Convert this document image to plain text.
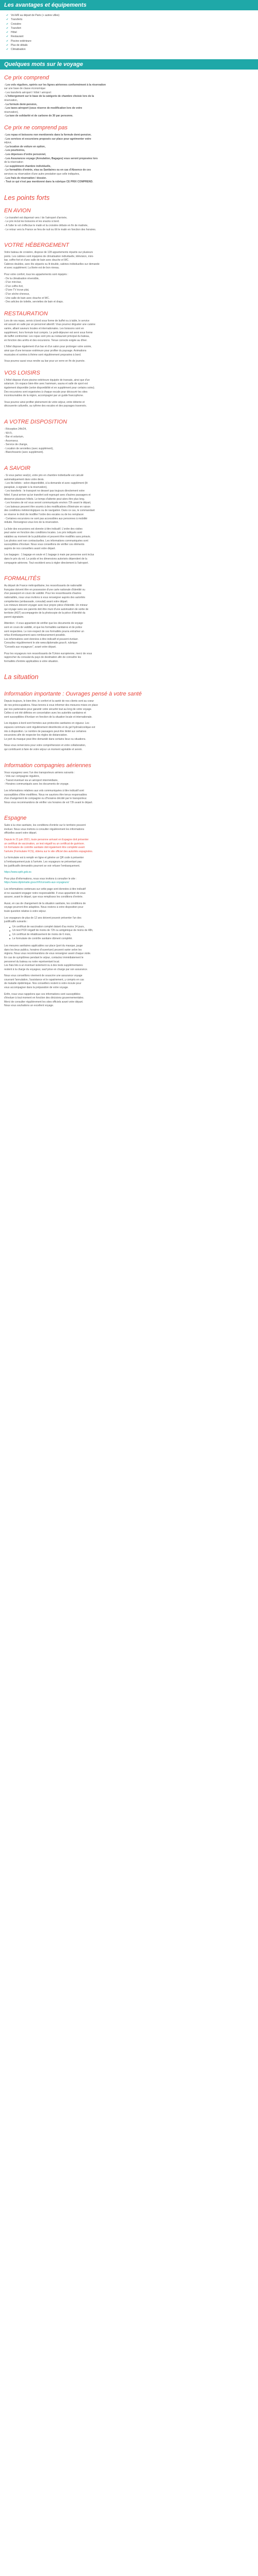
Les avantages et équipements
✔ Vol A/R au départ de Paris (+ autres villes)
✔ Transferts
✔ Croisière
✔ Transfert
✔ Hôtel
✔ Restaurant
✔ Piscine extérieure
✔ Plus de détails
✔ Climatisation
Quelques mots sur le voyage
Ce prix comprend

- Les vols réguliers, opérés sur les lignes aériennes conformément à la réservation

sur une base de classe économique

- Les transferts aéroport / hôtel / aéroport

- L'hébergement sur le base de la catégorie de chambre choisie lors de la

réservation,

- La formule demi-pension,

- Les taxes aéroport (sous réserve de modification lors de votre

réservation),

- La taxe de solidarité et de carbone de 30 par personne.

Ce prix ne comprend pas

- Les repas et boissons non mentionnés dans la formule demi-pension.

- Les services et excursions proposés sur place pour agrémenter votre

séjour,

- La location de voiture en option,

- Les pourboires,

- Les dépenses d'ordre personnel,

- Les Assurances voyage (Annulation, Bagages) vous seront proposées lors

de la réservation

- Le supplément chambre individuelle,

- Le formalités d'entrée, visa ou Sanitaires ou en cas d'Absence de ces

services ou réservation d'une autre prestation que celle indiquées,

- Les frais de réservation / dossier.

- Tout ce qui n'est pas mentionné dans la rubrique CE PRIX COMPREND.

Les points forts
EN AVION

- Le transfert est dispensé vers / de l'aéroport d'arrivée,

- Le prix inclut les boissons et les snacks à bord.

- À l'aller le vol s'effectue le matin et la croisière débute en fin de matinée,

- Le retour vers la France se fera de nuit ou tôt le matin en fonction des horaires.

VOTRE HÉBERGEMENT

Votre bateau de croisière, dispose de 128 appartements répartis sur plusieurs

ponts. Les cabines sont équipées de climatisation individuelle, télévision, mini-

bar, coffre-fort et d'une salle de bain avec douche et WC.

Cabines doubles, avec lits séparés ou lit double, cabines individuelles sur demande

et avec supplément. La literie est de bon niveau.

Pour votre confort, tous les appartements sont équipés :

- De la climatisation réversible,

- D'un mini-bar,

- D'un coffre-fort,

- D'une TV écran plat,

- D'un sèche-cheveux,

- Une salle de bain avec douche et WC.

- Des articles de toilette, serviettes de bain et draps.

RESTAURATION

Lors de vos repas, servis à bord sous forme de buffet ou à table, le service

est assuré en salle par un personnel attentif. Vous pourrez déguster une cuisine

variée, alliant saveurs locales et internationales. Les boissons sont en

supplément, hors formule tout compris. Le petit-déjeuner est servi sous forme

de buffet continental. Les repas sont pris au restaurant principal du bateau,

en fonction des arrêts et des excursions. Tenue correcte exigée au dîner.

L'hôtel dispose également d'un bar et d'un salon pour prolonger votre soirée,

ainsi que d'une terrasse extérieure pour profiter du paysage. Animations

musicales et soirées à thème sont régulièrement proposées à bord.

Vous pourrez aussi vous rendre au bar pour un verre en fin de journée.

VOS LOISIRS

L'hôtel dispose d'une piscine extérieure équipée de transats, ainsi que d'un

solarium. Un espace bien-être avec hammam, sauna et salle de sport est

également disponible (selon disponibilité et en supplément pour certains soins).

Des excursions sont organisées à chaque escale pour découvrir les sites

incontournables de la région, accompagné par un guide francophone.

Vous pourrez ainsi profiter pleinement de votre séjour, entre détente et

découverte culturelle, au rythme des escales et des paysages traversés.

A VOTRE DISPOSITION

- Réception 24h/24,

- Wi-Fi,

- Bar et solarium,

- Ascenseur,

- Service de change,

- Location de serviettes (avec supplément),

- Blanchisserie (avec supplément).

A SAVOIR

- Si vous partez seul(e), votre prix en chambre individuelle est calculé

automatiquement dans votre devis.

- Les lits bébés : selon disponibilité, à la demande et avec supplément (lit

parapluie, à signaler à la réservation),

- Les transferts : le transport ne dessert pas toujours directement votre

hôtel. Il peut arriver qu'un transfert soit regroupé avec d'autres passagers et

desserve plusieurs hôtels. Le temps d'attente peut alors être plus long.

- Les horaires de vol vous seront communiqués environ 72h avant le départ,

- Les bateaux peuvent être soumis à des modifications d'itinéraire en raison

des conditions météorologiques ou de navigation. Dans ce cas, le commandant

se réserve le droit de modifier l'ordre des escales ou de les remplacer.

- Certaines excursions ne sont pas accessibles aux personnes à mobilité

réduite. Renseignez-vous lors de la réservation.

La liste des excursions est donnée à titre indicatif. L'ordre des visites

peut varier en fonction des conditions locales. Les prix indiqués sont

valables au moment de la publication et peuvent être modifiés sans préavis.

Les photos sont non contractuelles. Les informations communiquées sont

susceptibles d'évoluer. Nous vous conseillons de vérifier ces éléments

auprès de nos conseillers avant votre départ.

Les bagages : 1 bagage en soute et 1 bagage à main par personne sont inclus

dans le prix du vol. Le poids et les dimensions autorisés dépendent de la

compagnie aérienne. Tout excédent sera à régler directement à l'aéroport.

FORMALITÉS

Au départ de France métropolitaine, les ressortissants de nationalité

française doivent être en possession d'une carte nationale d'identité ou

d'un passeport en cours de validité. Pour les ressortissants d'autres

nationalités, nous vous invitons à vous renseigner auprès des autorités

compétentes (ambassade, consulat) avant votre départ.

Les mineurs doivent voyager avec leur propre pièce d'identité. Un mineur

qui voyage sans ses parents doit être muni d'une autorisation de sortie de

territoire (AST) accompagnée de la photocopie de la pièce d'identité du

parent signataire.

Attention : il vous appartient de vérifier que les documents de voyage

sont en cours de validité, et que les formalités sanitaires et de police

sont respectées. Le non-respect de ces formalités pourra entraîner un

refus d'embarquement sans remboursement possible.

Les informations sont données à titre indicatif et peuvent évoluer.

Consultez régulièrement le site www.diplomatie.gouv.fr, rubrique

"Conseils aux voyageurs", avant votre départ.

Pour les voyageurs non ressortissants de l'Union européenne, merci de vous

rapprocher du consulat du pays de destination afin de connaître les

formalités d'entrée applicables à votre situation.

La situation
Information importante : Ouvrages pensé à votre santé

Depuis toujours, le bien-être, le confort et la santé de nos clients sont au coeur

de nos préoccupations. Nous tenons à vous informer des mesures mises en place

par nos partenaires pour garantir votre sécurité tout au long de votre voyage.

Celles-ci ont été définies en concertation avec les autorités sanitaires et

sont susceptibles d'évoluer en fonction de la situation locale et internationale.

Les équipes à bord sont formées aux protocoles sanitaires en vigueur. Les

espaces communs sont régulièrement désinfectés et du gel hydroalcoolique est

mis à disposition. Le nombre de passagers peut être limité sur certaines

excursions afin de respecter les règles de distanciation.

Le port du masque peut être demandé dans certains lieux ou situations.

Nous vous remercions pour votre compréhension et votre collaboration,

qui contribuent à faire de votre séjour un moment agréable et serein.

Information compagnies aériennes

Vous voyagerez avec l'un des transporteurs aériens suivants :

- Vols sur compagnie régulière,

- Transit éventuel via un aéroport intermédiaire,

- Horaires communiqués avec les documents de voyage.

Les informations relatives aux vols communiquées à titre indicatif sont

susceptibles d'être modifiées. Nous ne saurions être tenus responsables

d'un changement de compagnie ou d'horaires décidé par le transporteur.

Nous vous recommandons de vérifier vos horaires de vol 72h avant le départ.

Espagne

Suite à la crise sanitaire, les conditions d'entrée sur le territoire peuvent

évoluer. Nous vous invitons à consulter régulièrement les informations

officielles avant votre départ.

Depuis le 21 juin 2021, toute personne arrivant en Espagne doit présenter

un certificat de vaccination, un test négatif ou un certificat de guérison.

Un formulaire de contrôle sanitaire doit également être complété avant

l'arrivée (Formulaire FCS), obtenu sur le site officiel des autorités espagnoles.

Le formulaire est à remplir en ligne et génère un QR code à présenter

à l'embarquement puis à l'arrivée. Les voyageurs ne présentant pas

les justificatifs demandés pourront se voir refuser l'embarquement.

https://www.spth.gob.es

Pour plus d'informations, nous vous invitons à consulter le site :

https://www.diplomatie.gouv.fr/fr/conseils-aux-voyageurs/

Les informations contenues sur cette page sont données à titre indicatif

et ne sauraient engager notre responsabilité. Il vous appartient de vous

assurer, avant le départ, que vous remplissez les conditions d'entrée.

Aussi, en cas de changement de la situation sanitaire, les conditions de

voyage pourront être adaptées. Nous restons à votre disposition pour

toute question relative à votre séjour.

Les voyageurs de plus de 12 ans doivent pouvoir présenter l'un des

justificatifs suivants :

Un certificat de vaccination complet datant d'au moins 14 jours,
Un test PCR négatif de moins de 72h ou antigénique de moins de 48h,
Un certificat de rétablissement de moins de 6 mois,
Le formulaire de contrôle sanitaire dûment complété.

Les mesures sanitaires applicables sur place (port du masque, jauge

dans les lieux publics, horaires d'ouverture) peuvent varier selon les

régions. Nous vous recommandons de vous renseigner avant chaque visite.

En cas de symptômes pendant le séjour, contactez immédiatement le

personnel du bateau ou notre représentant local.

Les frais liés à un éventuel isolement ou à des tests supplémentaires

restent à la charge du voyageur, sauf prise en charge par son assurance.

Nous vous conseillons vivement de souscrire une assurance voyage

couvrant l'annulation, l'assistance et le rapatriement, y compris en cas

de maladie épidémique. Nos conseillers restent à votre écoute pour

vous accompagner dans la préparation de votre voyage.

Enfin, nous vous rappelons que ces informations sont susceptibles

d'évoluer à tout moment en fonction des décisions gouvernementales.

Merci de consulter régulièrement les sites officiels avant votre départ.

Nous vous souhaitons un excellent voyage.
